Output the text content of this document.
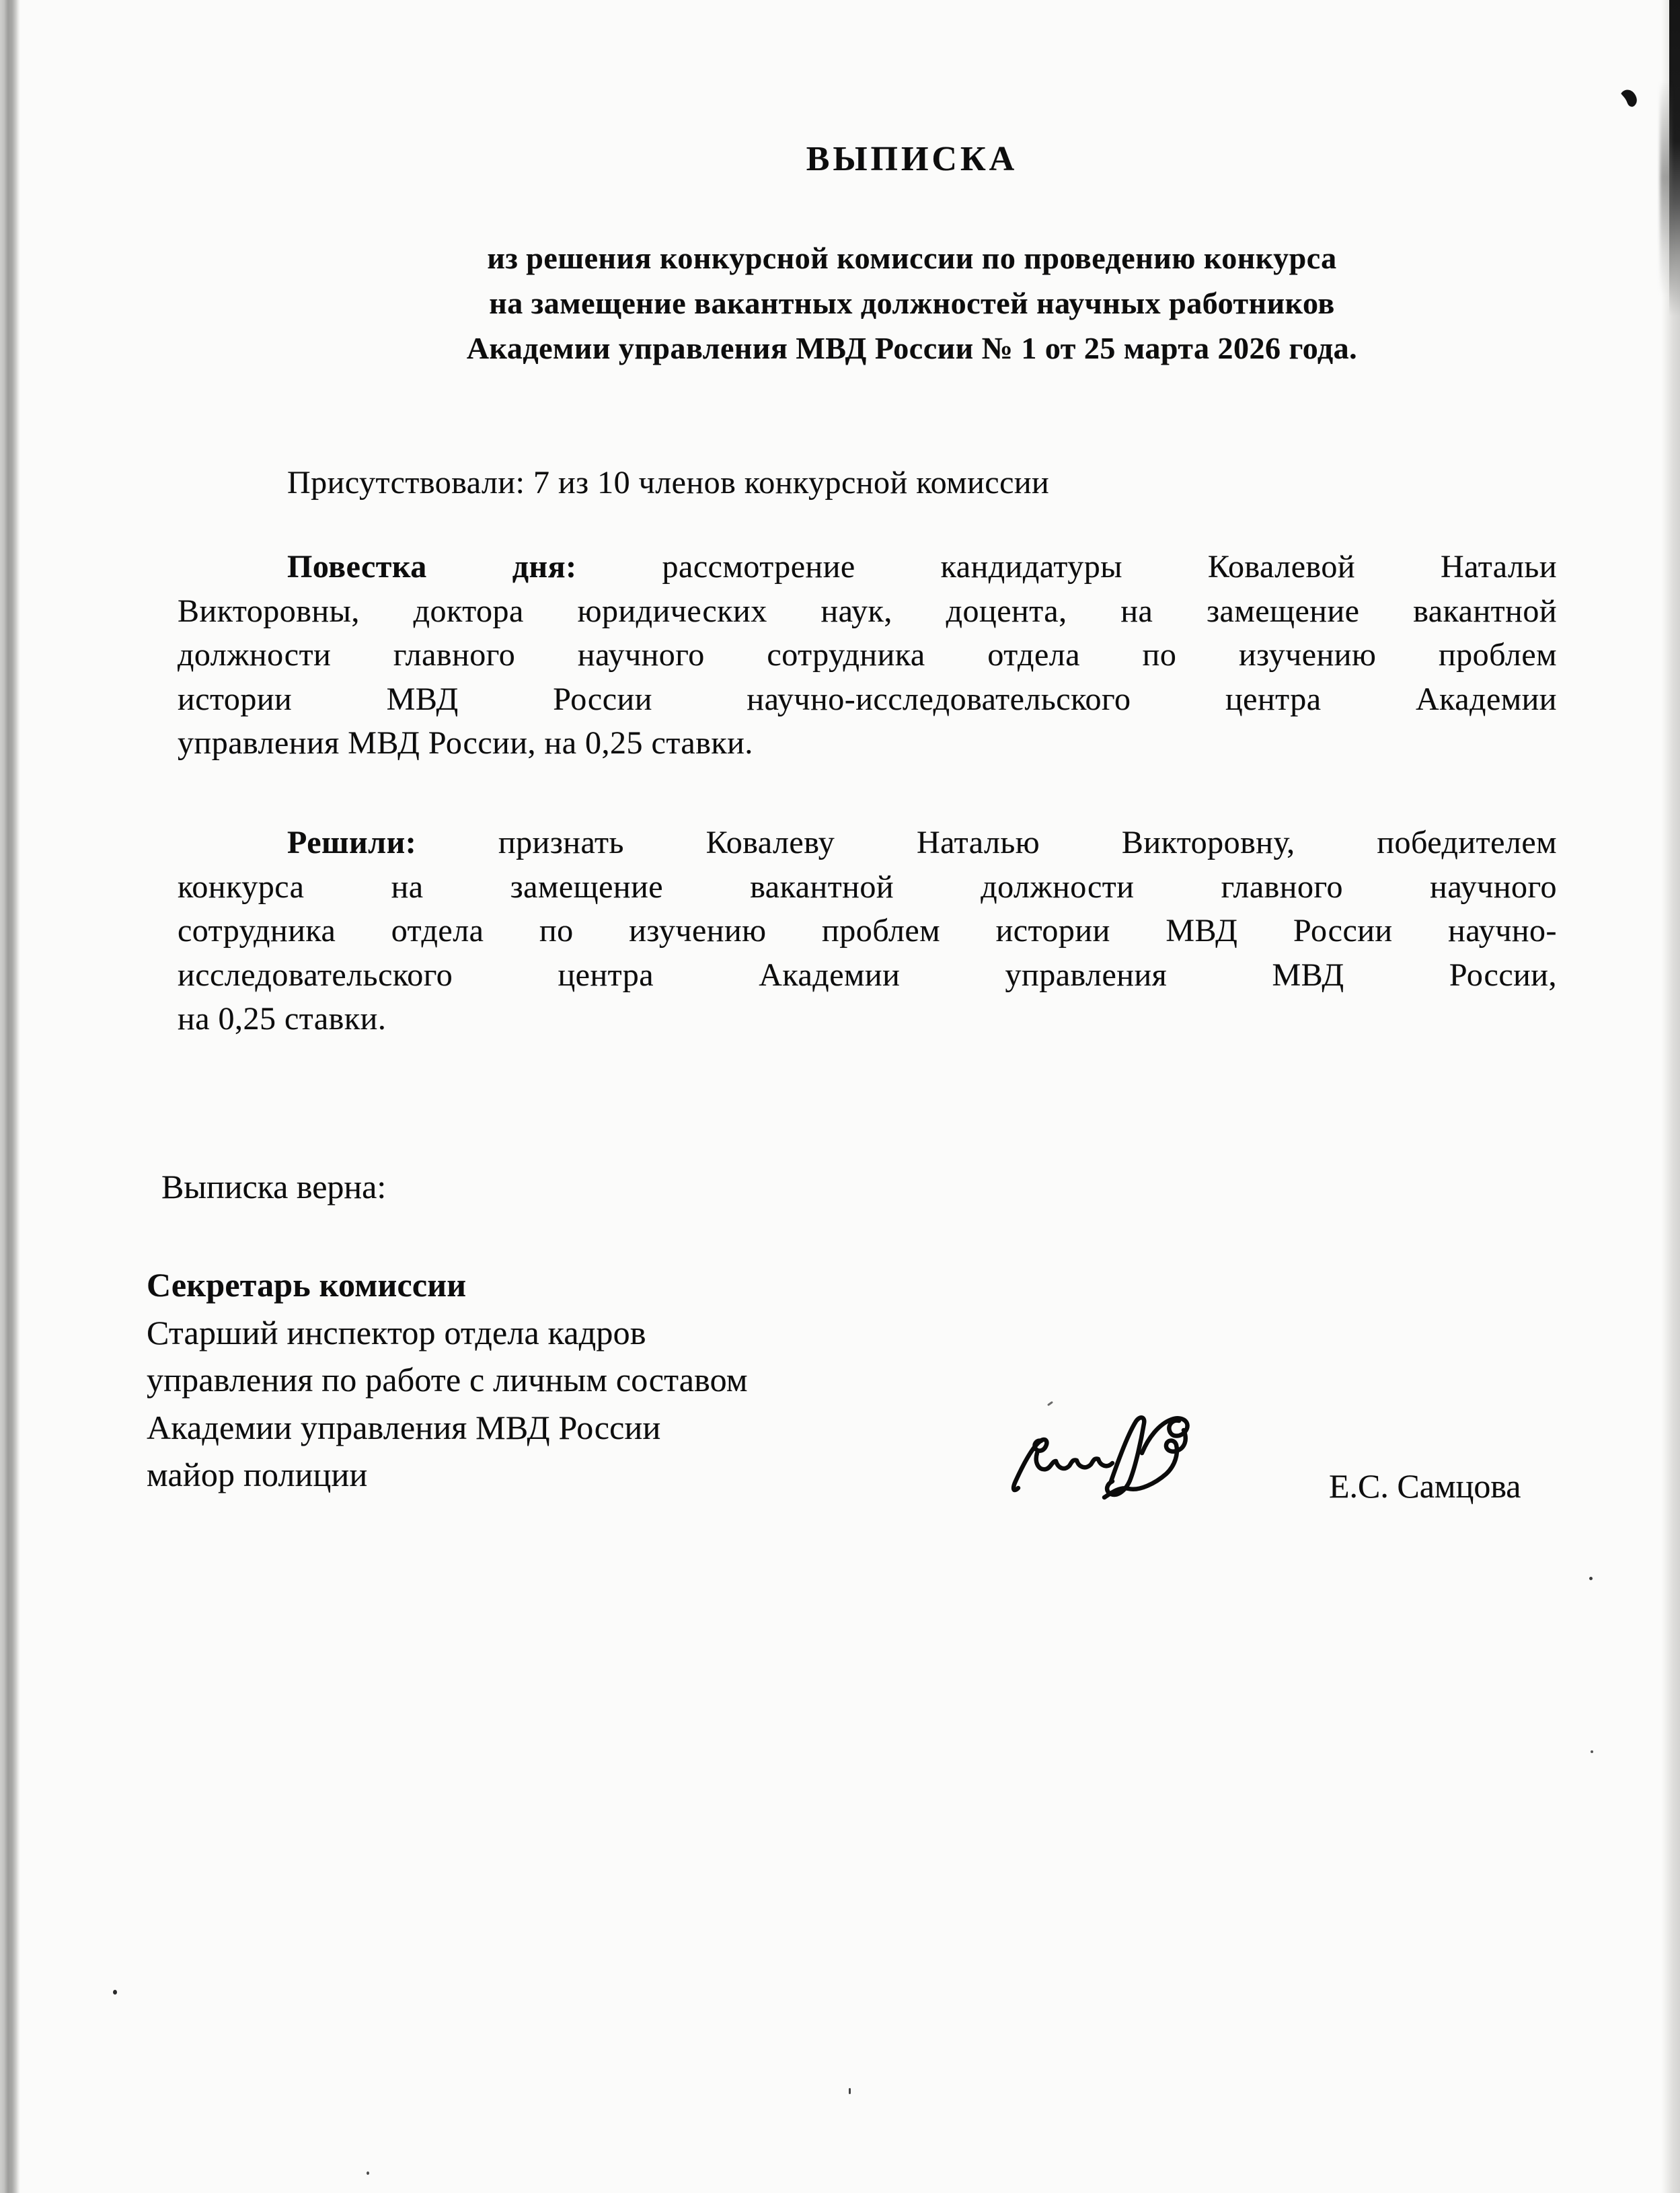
ВЫПИСКА
из решения конкурсной комиссии по проведению конкурса
на замещение вакантных должностей научных работников
Академии управления МВД России № 1 от 25 марта 2026 года.
Присутствовали: 7 из 10 членов конкурсной комиссии
Повестка дня:	рассмотрение кандидатуры Ковалевой Натальи
Викторовны, доктора юридических наук, доцента, на замещение вакантной
должности главного научного сотрудника отдела по изучению проблем
истории МВД России научно-исследовательского центра Академии
управления МВД России, на 0,25 ставки.
Решили:	признать Ковалеву Наталью Викторовну, победителем
конкурса на замещение вакантной должности главного научного
сотрудника отдела по изучению проблем истории МВД России научно-
исследовательского центра Академии управления МВД России,
на 0,25 ставки.
Выписка верна:
Секретарь комиссии
Старший инспектор отдела кадров
управления по работе с личным составом
Академии управления МВД России
майор полиции	Е.С. Самцова
